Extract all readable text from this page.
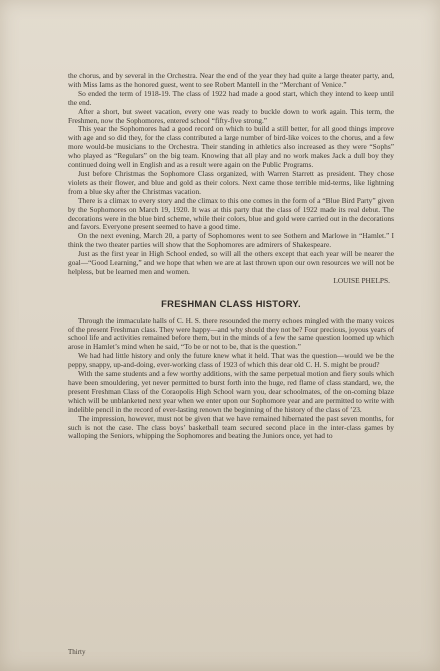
the chorus, and by several in the Orchestra. Near the end of the year they had quite a large theater party, and, with Miss Iams as the honored guest, went to see Robert Mantell in the “Merchant of Venice.”

So ended the term of 1918-19. The class of 1922 had made a good start, which they intend to keep until the end.

After a short, but sweet vacation, every one was ready to buckle down to work again. This term, the Freshmen, now the Sophomores, entered school “fifty-five strong.”

This year the Sophomores had a good record on which to build a still better, for all good things improve with age and so did they, for the class contributed a large number of bird-like voices to the chorus, and a few more would-be musicians to the Orchestra. Their standing in athletics also increased as they were “Sophs” who played as “Regulars” on the big team. Knowing that all play and no work makes Jack a dull boy they continued doing well in English and as a result were again on the Public Programs.

Just before Christmas the Sophomore Class organized, with Warren Starrett as president. They chose violets as their flower, and blue and gold as their colors. Next came those terrible mid-terms, like lightning from a blue sky after the Christmas vacation.

There is a climax to every story and the climax to this one comes in the form of a “Blue Bird Party” given by the Sophomores on March 19, 1920. It was at this party that the class of 1922 made its real debut. The decorations were in the blue bird scheme, while their colors, blue and gold were carried out in the decorations and favors. Everyone present seemed to have a good time.

On the next evening, March 20, a party of Sophomores went to see Sothern and Marlowe in “Hamlet.” I think the two theater parties will show that the Sophomores are admirers of Shakespeare.

Just as the first year in High School ended, so will all the others except that each year will be nearer the goal—“Good Learning,” and we hope that when we are at last thrown upon our own resources we will not be helpless, but be learned men and women.

LOUISE PHELPS.

FRESHMAN CLASS HISTORY.

Through the immaculate halls of C. H. S. there resounded the merry echoes mingled with the many voices of the present Freshman class. They were happy—and why should they not be? Four precious, joyous years of school life and activities remained before them, but in the minds of a few the same question loomed up which arose in Hamlet’s mind when he said, “To be or not to be, that is the question.”

We had had little history and only the future knew what it held. That was the question—would we be the peppy, snappy, up-and-doing, ever-working class of 1923 of which this dear old C. H. S. might be proud?

With the same students and a few worthy additions, with the same perpetual motion and fiery souls which have been smouldering, yet never permitted to burst forth into the huge, red flame of class standard, we, the present Freshman Class of the Coraopolis High School warn you, dear schoolmates, of the on-coming blaze which will be unblanketed next year when we enter upon our Sophomore year and are permitted to write with indelible pencil in the record of ever-lasting renown the beginning of the history of the class of ’23.

The impression, however, must not be given that we have remained hibernated the past seven months, for such is not the case. The class boys’ basketball team secured second place in the inter-class games by walloping the Seniors, whipping the Sophomores and beating the Juniors once, yet had to

Thirty
